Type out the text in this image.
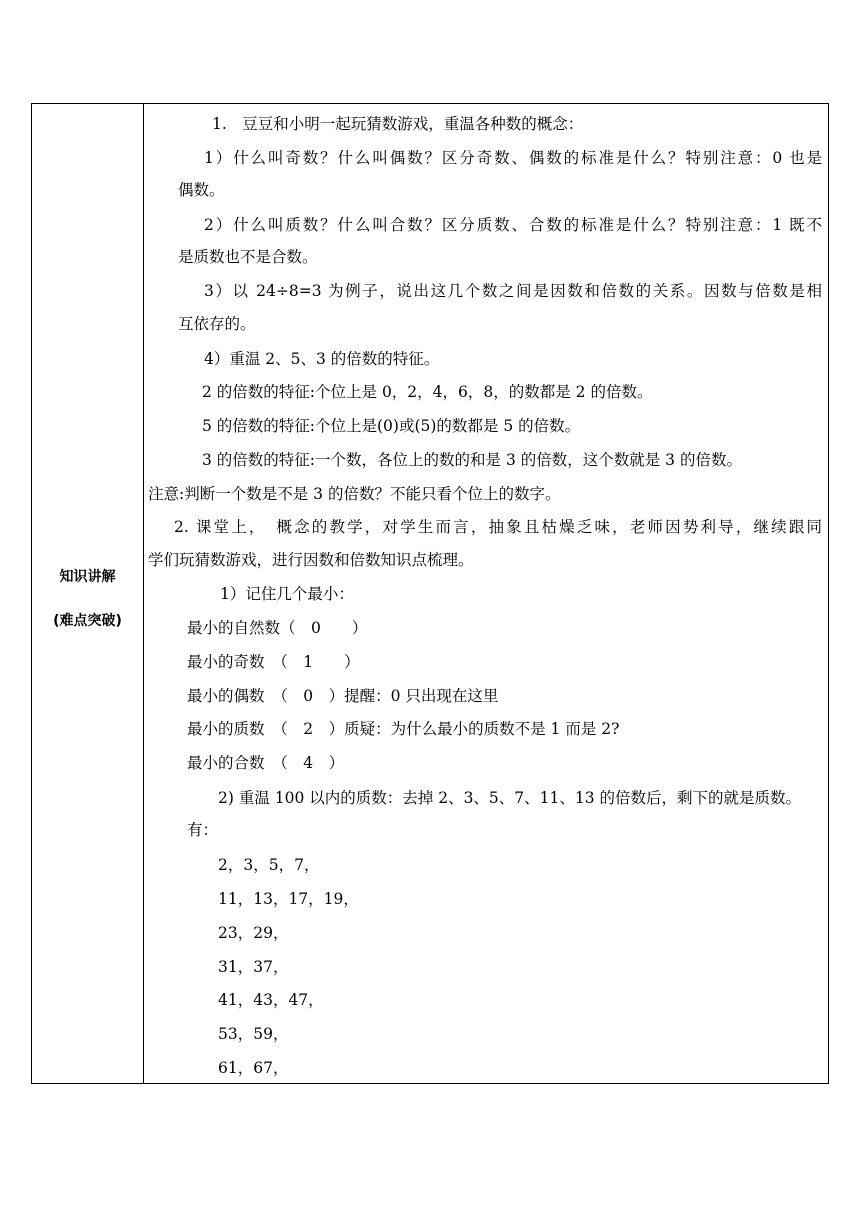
知识讲解
(难点突破)
1.　豆豆和小明一起玩猜数游戏，重温各种数的概念：
1）什么叫奇数？什么叫偶数？区分奇数、偶数的标准是什么？特别注意：0 也是
偶数。
2）什么叫质数？什么叫合数？区分质数、合数的标准是什么？特别注意：1 既不
是质数也不是合数。
3）以 24÷8=3 为例子，说出这几个数之间是因数和倍数的关系。因数与倍数是相
互依存的。
4）重温 2、5、3 的倍数的特征。
2 的倍数的特征:个位上是 0，2，4，6，8，的数都是 2 的倍数。
5 的倍数的特征:个位上是(0)或(5)的数都是 5 的倍数。
3 的倍数的特征:一个数，各位上的数的和是 3 的倍数，这个数就是 3 的倍数。
注意:判断一个数是不是 3 的倍数？不能只看个位上的数字。
2. 课堂上，　概念的教学，对学生而言，抽象且枯燥乏味，老师因势利导，继续跟同
学们玩猜数游戏，进行因数和倍数知识点梳理。
1）记住几个最小：
最小的自然数（　0　　）
最小的奇数　（　1　　）
最小的偶数　（　0　）提醒：0 只出现在这里
最小的质数　（　2　）质疑：为什么最小的质数不是 1 而是 2?
最小的合数　（　4　）
2) 重温 100 以内的质数：去掉 2、3、5、7、11、13 的倍数后，剩下的就是质数。
有：
2，3，5，7，
11，13，17，19，
23，29，
31，37，
41，43，47，
53，59，
61，67，
